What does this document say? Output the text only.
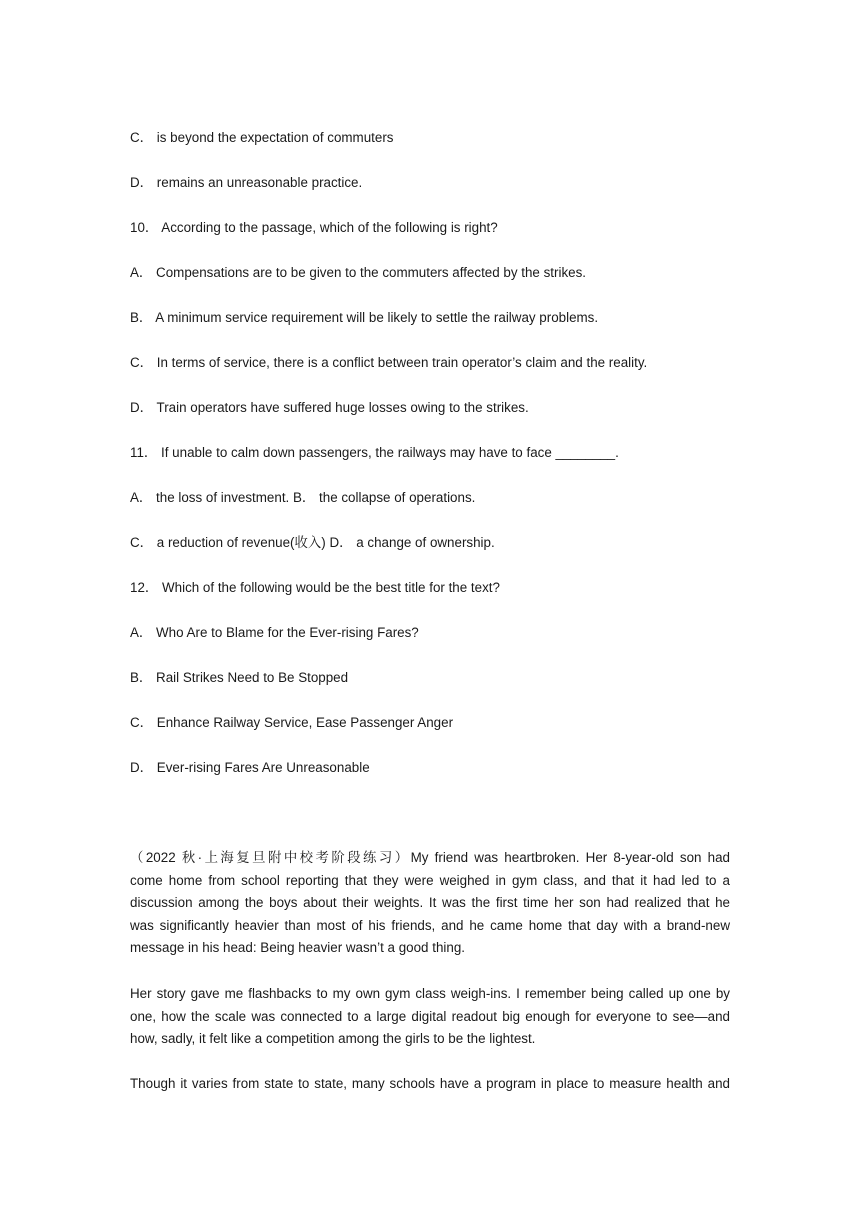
C． is beyond the expectation of commuters
D． remains an unreasonable practice.
10． According to the passage, which of the following is right?
A． Compensations are to be given to the commuters affected by the strikes.
B． A minimum service requirement will be likely to settle the railway problems.
C． In terms of service, there is a conflict between train operator’s claim and the reality.
D． Train operators have suffered huge losses owing to the strikes.
11． If unable to calm down passengers, the railways may have to face ________.
A． the loss of investment. B． the collapse of operations.
C． a reduction of revenue(收入) D． a change of ownership.
12． Which of the following would be the best title for the text?
A． Who Are to Blame for the Ever-rising Fares?
B． Rail Strikes Need to Be Stopped
C． Enhance Railway Service, Ease Passenger Anger
D． Ever-rising Fares Are Unreasonable
（2022 秋·上海复旦附中校考阶段练习）My friend was heartbroken. Her 8-year-old son had
come home from school reporting that they were weighed in gym class, and that it had led to a
discussion among the boys about their weights. It was the first time her son had realized that he
was significantly heavier than most of his friends, and he came home that day with a brand-new
message in his head: Being heavier wasn’t a good thing.
Her story gave me flashbacks to my own gym class weigh-ins. I remember being called up one by
one, how the scale was connected to a large digital readout big enough for everyone to see—and
how, sadly, it felt like a competition among the girls to be the lightest.
Though it varies from state to state, many schools have a program in place to measure health and
